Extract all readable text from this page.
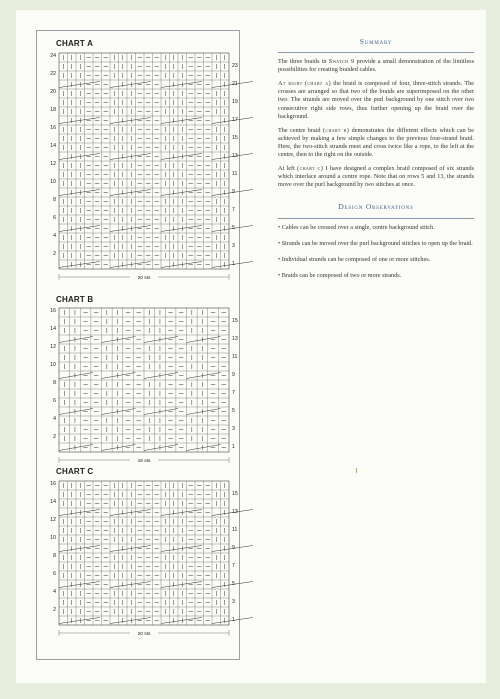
CHART A
24
22
20
18
16
14
12
10
8
6
4
2
23
21
19
17
15
13
11
9
7
5
3
1
20 sts
CHART B
16
14
12
10
8
6
4
2
15
13
11
9
7
5
3
1
16 sts
CHART C
16
14
12
10
8
6
4
2
15
13
11
9
7
5
3
1
20 sts
Summary

The three braids in Swatch 9 provide a small demonstration of the limitless possibilities for creating braided cables.

At right (chart a) the braid is composed of four, three-stitch strands. The crosses are arranged so that two of the braids are superimposed on the other two. The strands are moved over the purl background by one stitch over two consecutive right side rows, thus further opening up the braid over the background.

The centre braid (chart b) demonstrates the different effects which can be achieved by making a few simple changes to the previous four-strand braid. Here, the two-stitch strands meet and cross twice like a rope, to the left at the centre, then to the right on the outside.

At left (chart c) I have designed a complex braid composed of six strands which interlace around a centre rope. Note that on rows 5 and 13, the strands move over the purl background by two stitches at once.

Design Observations
• Cables can be crossed over a single, centre background stitch.
• Strands can be moved over the purl background stitches to open up the braid.
• Individual strands can be composed of one or more stitches.
• Braids can be composed of two or more strands.
